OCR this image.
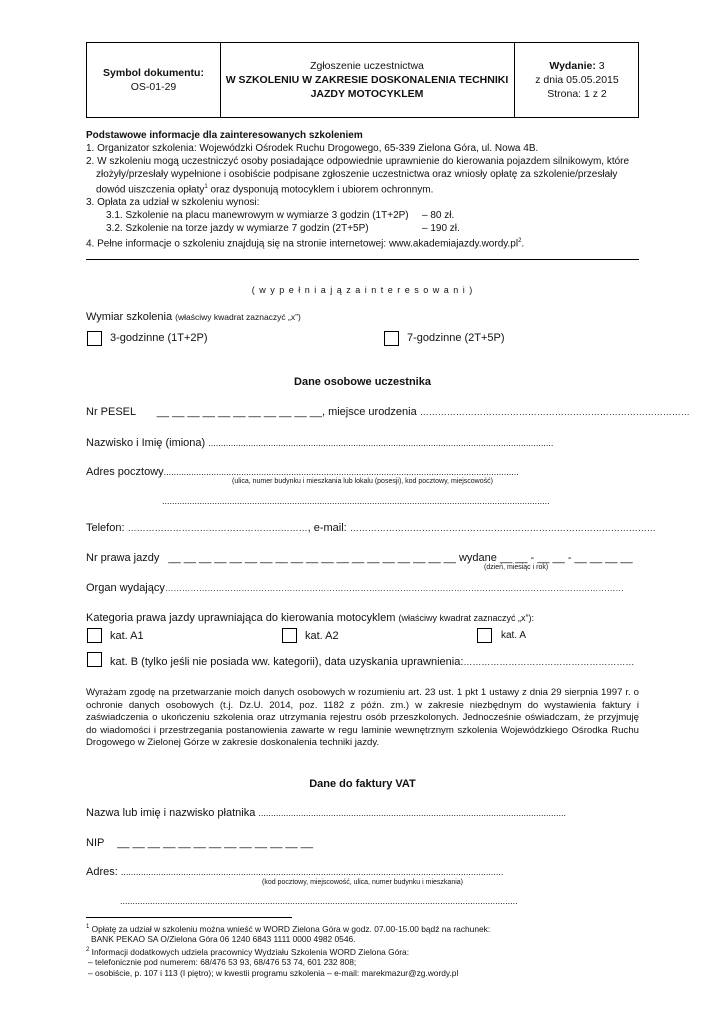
Symbol dokumentu:
OS-01-29
Zgłoszenie uczestnictwa
W SZKOLENIU W ZAKRESIE DOSKONALENIA TECHNIKI
JAZDY MOTOCYKLEM
Wydanie: 3
z dnia 05.05.2015
Strona: 1 z 2

Podstawowe informacje dla zainteresowanych szkoleniem

1. Organizator szkolenia: Wojewódzki Ośrodek Ruchu Drogowego, 65-339 Zielona Góra, ul. Nowa 4B.

2. W szkoleniu mogą uczestniczyć osoby posiadające odpowiednie uprawnienie do kierowania pojazdem silnikowym, które

złożyły/przesłały wypełnione i osobiście podpisane zgłoszenie uczestnictwa oraz wniosły opłatę za szkolenie/przesłały

dowód uiszczenia opłaty$^1$ oraz dysponują motocyklem i ubiorem ochronnym.

3. Opłata za udział w szkoleniu wynosi:

3.1. Szkolenie na placu manewrowym w wymiarze 3 godzin (1T+2P) – 80 zł.

3.2. Szkolenie na torze jazdy w wymiarze 7 godzin (2T+5P)	– 190 zł.

4. Pełne informacje o szkoleniu znajdują się na stronie internetowej: $www.akademiajazdy.wordy.pl^2$.

( w y p e ł n i a j ą z a i n t e r e s o w a n i )
Wymiar szkolenia (właściwy kwadrat zaznaczyć „x”)
3-godzinne (1T+2P)	7-godzinne (2T+5P)
Dane osobowe uczestnika
Nr PESEL __ __ __ __ __ __ __ __ __ __ __, miejsce urodzenia ………………………………………………………………………………
Nazwisko i Imię (imiona) ..........................................................................................................................................
Adres pocztowy..............................................................................................................................................
(ulica, numer budynku i mieszkania lub lokalu (posesji), kod pocztowy, miejscowość)
...........................................................................................................................................................
Telefon: ……………………………………………………, e-mail: …………………………………………………………………………………………
Nr prawa jazdy __ __ __ __ __ __ __ __ __ __ __ __ __ __ __ __ __ __ __ wydane __ __ - __ __ - __ __ __ __
(dzień, miesiąc i rok)
Organ wydający………………………………………………………………………………………………………………………………………………
Kategoria prawa jazdy uprawniająca do kierowania motocyklem (właściwy kwadrat zaznaczyć „x”):
kat. A1	kat. A2	kat. A
kat. B (tylko jeśli nie posiada ww. kategorii), data uzyskania uprawnienia:…………………………………………………
Wyrażam zgodę na przetwarzanie moich danych osobowych w rozumieniu art. 23 ust. 1 pkt 1 ustawy z dnia 29 sierpnia 1997 r. o ochronie danych osobowych (t.j. Dz.U. 2014, poz. 1182 z późn. zm.) w zakresie niezbędnym do wystawienia faktury i zaświadczenia o ukończeniu szkolenia oraz utrzymania rejestru osób przeszkolonych. Jednocześnie oświadczam, że przyjmuję do wiadomości i przestrzegania postanowienia zawarte w regu laminie wewnętrznym szkolenia Wojewódzkiego Ośrodka Ruchu Drogowego w Zielonej Górze w zakresie doskonalenia techniki jazdy.
Dane do faktury VAT
Nazwa lub imię i nazwisko płatnika ...........................................................................................................................
NIP __ __ __ __ __ __ __ __ __ __ __ __ __
Adres: .........................................................................................................................................................
(kod pocztowy, miejscowość, ulica, numer budynku i mieszkania)
...............................................................................................................................................................

$^1$ Opłatę za udział w szkoleniu można wnieść w WORD Zielona Góra w godz. 07.00-15.00 bądź na rachunek:

BANK PEKAO SA O/Zielona Góra 06 1240 6843 1111 0000 4982 0546.

$^2$ Informacji dodatkowych udziela pracownicy Wydziału Szkolenia WORD Zielona Góra:

– telefonicznie pod numerem: 68/476 53 93, 68/476 53 74, 601 232 808;

– osobiście, p. 107 i 113 (I piętro); w kwestii programu szkolenia – e-mail: marekmazur@zg.wordy.pl
